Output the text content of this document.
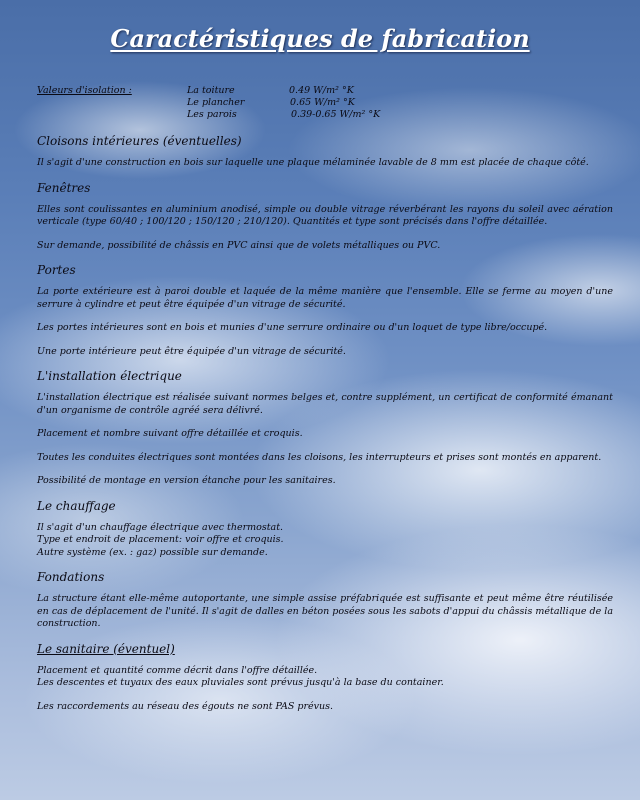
Caractéristiques de fabrication
Valeurs d'isolation :	La toiture	0.49 W/m² °K
Le plancher	0.65 W/m² °K
Les parois	0.39-0.65 W/m² °K
Cloisons intérieures (éventuelles)

Il s'agit d'une construction en bois sur laquelle une plaque mélaminée lavable de 8 mm est placée de chaque côté.

Fenêtres

Elles sont coulissantes en aluminium anodisé, simple ou double vitrage réverbérant les rayons du soleil avec aération verticale (type 60/40 ; 100/120 ; 150/120 ; 210/120). Quantités et type sont précisés dans l'offre détaillée.

Sur demande, possibilité de châssis en PVC ainsi que de volets métalliques ou PVC.

Portes

La porte extérieure est à paroi double et laquée de la même manière que l'ensemble. Elle se ferme au moyen d'une serrure à cylindre et peut être équipée d'un vitrage de sécurité.

Les portes intérieures sont en bois et munies d'une serrure ordinaire ou d'un loquet de type libre/occupé.

Une porte intérieure peut être équipée d'un vitrage de sécurité.

L'installation électrique

L'installation électrique est réalisée suivant normes belges et, contre supplément, un certificat de conformité émanant d'un organisme de contrôle agréé sera délivré.

Placement et nombre suivant offre détaillée et croquis.

Toutes les conduites électriques sont montées dans les cloisons, les interrupteurs et prises sont montés en apparent.

Possibilité de montage en version étanche pour les sanitaires.

Le chauffage

Il s'agit d'un chauffage électrique avec thermostat.
Type et endroit de placement: voir offre et croquis.
Autre système (ex. : gaz) possible sur demande.

Fondations

La structure étant elle-même autoportante, une simple assise préfabriquée est suffisante et peut même être réutilisée en cas de déplacement de l'unité. Il s'agit de dalles en béton posées sous les sabots d'appui du châssis métallique de la construction.

Le sanitaire (éventuel)

Placement et quantité comme décrit dans l'offre détaillée.
Les descentes et tuyaux des eaux pluviales sont prévus jusqu'à la base du container.

Les raccordements au réseau des égouts ne sont PAS prévus.
